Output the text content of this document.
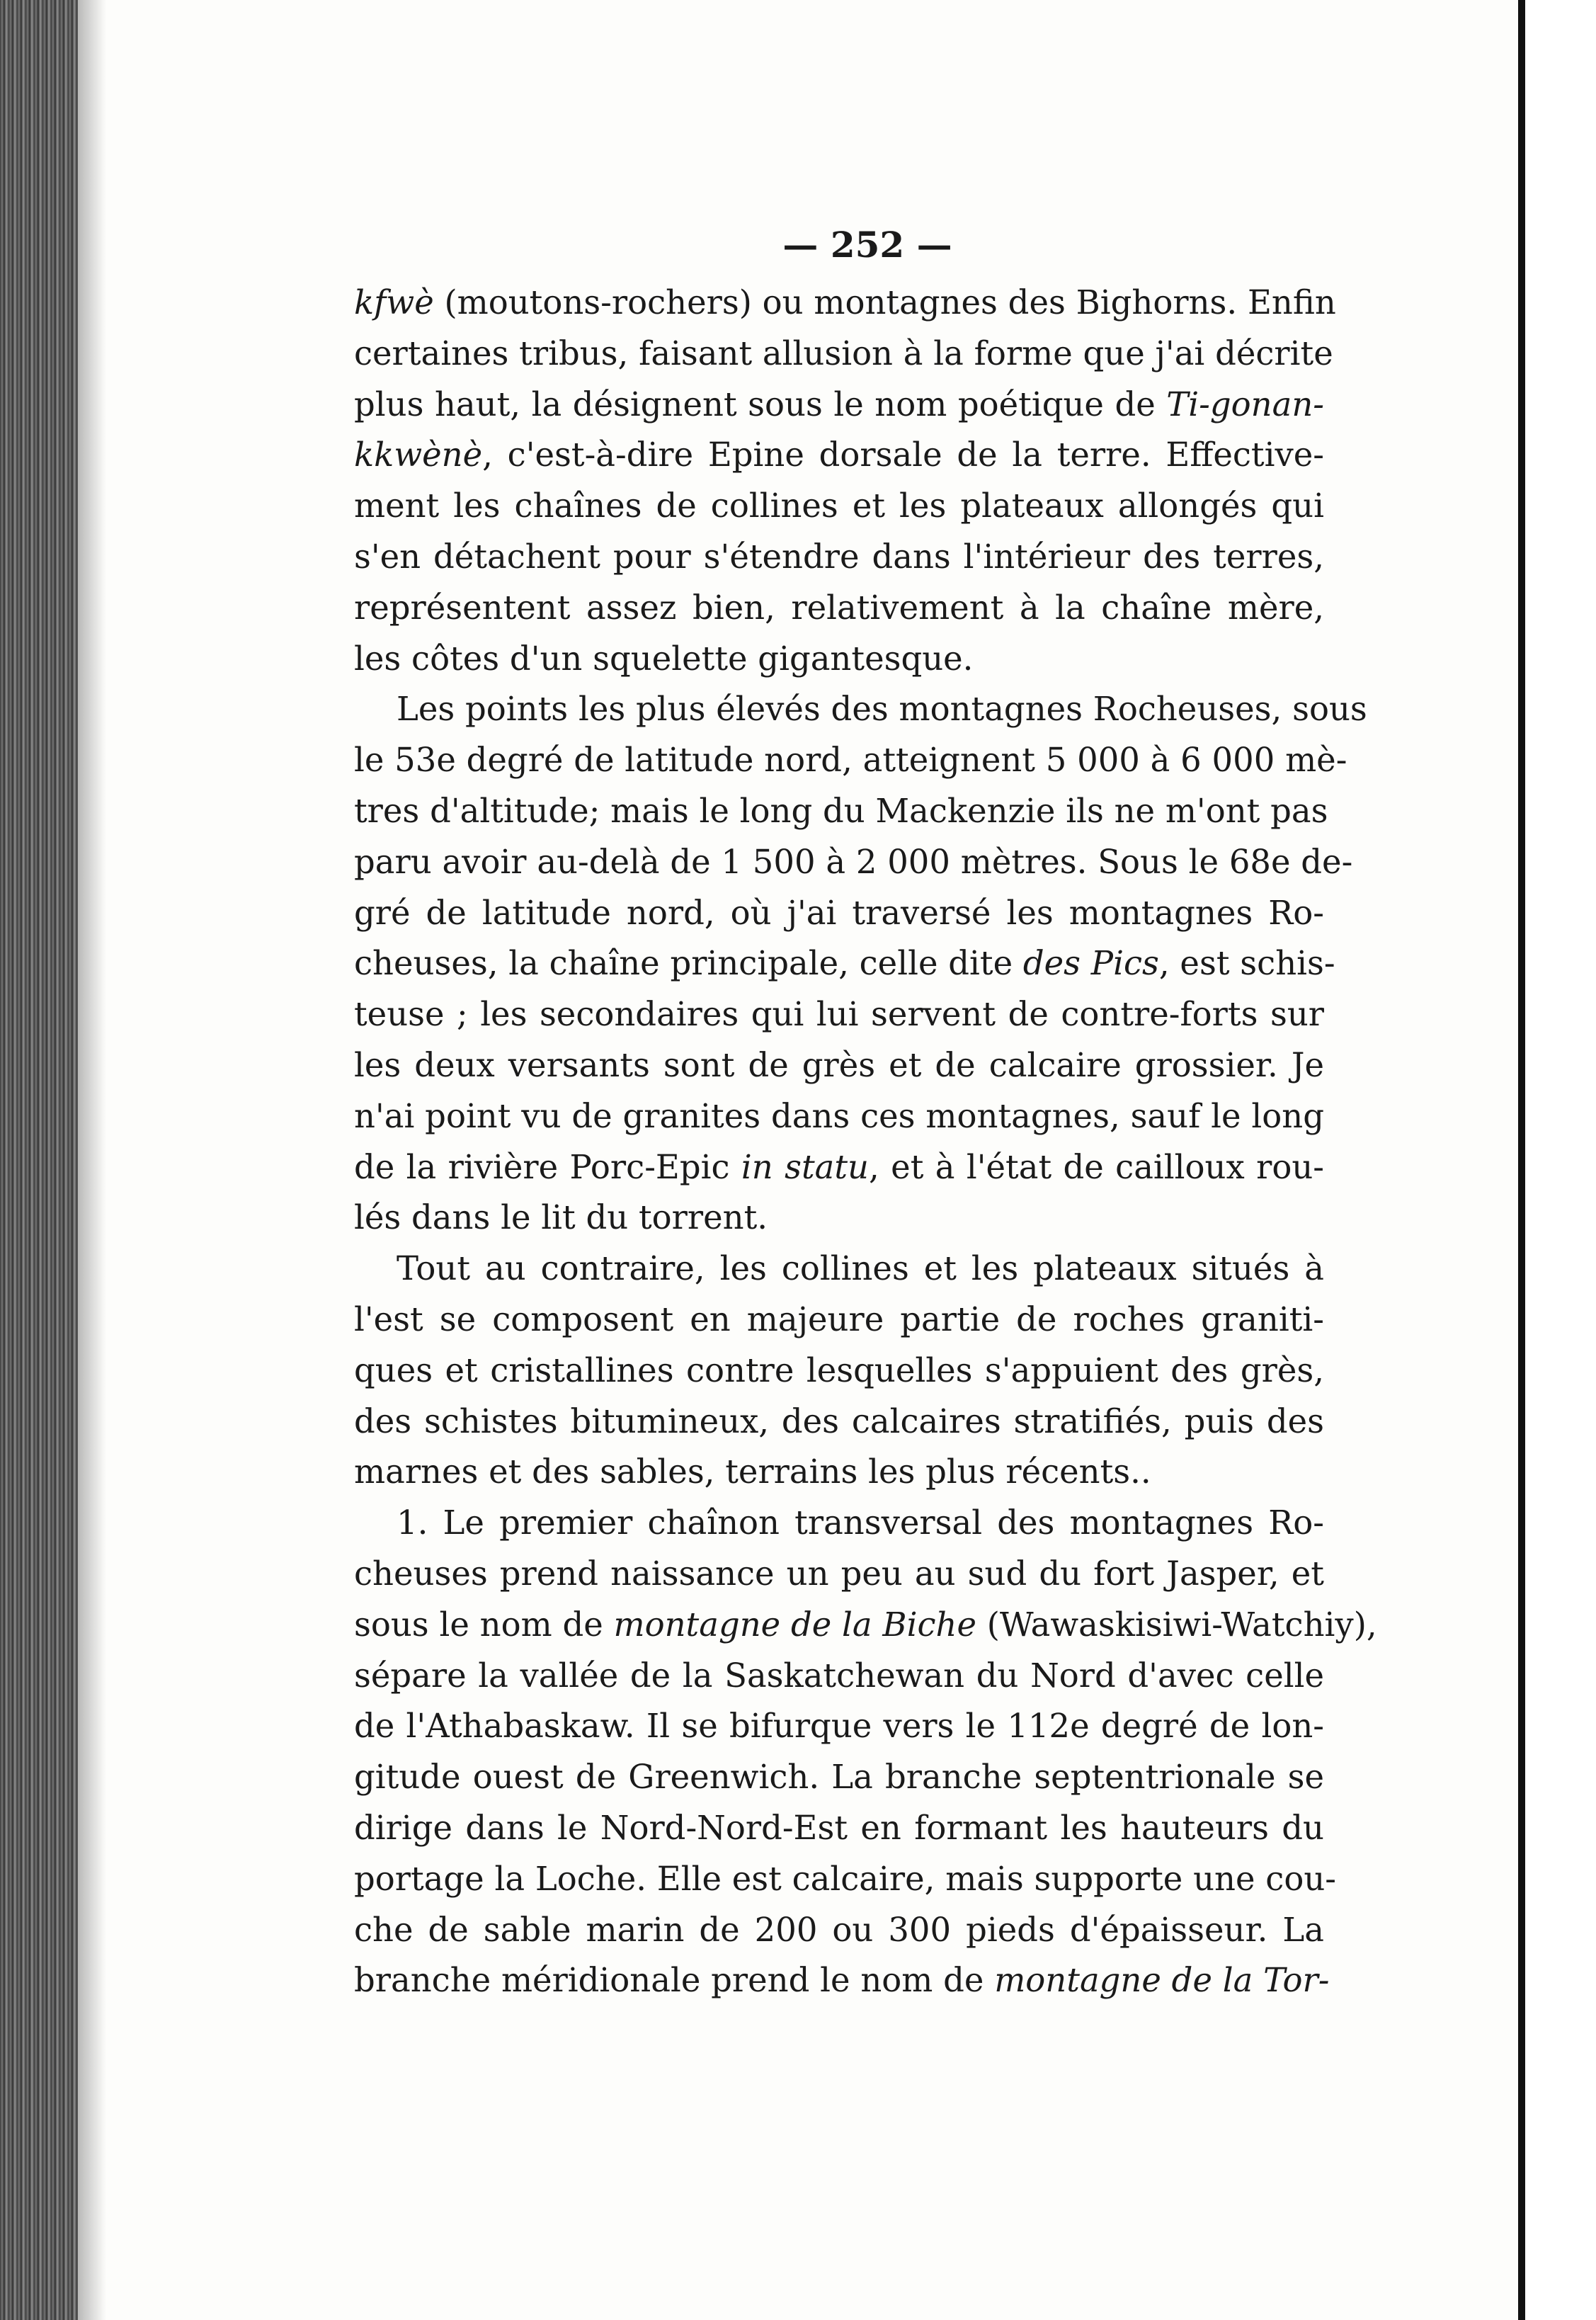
— 252 —
kfwè (moutons-rochers) ou montagnes des Bighorns. Enfin
certaines tribus, faisant allusion à la forme que j'ai décrite
plus haut, la désignent sous le nom poétique de Ti-gonan-
kkwènè, c'est-à-dire Epine dorsale de la terre. Effective-
ment les chaînes de collines et les plateaux allongés qui
s'en détachent pour s'étendre dans l'intérieur des terres,
représentent assez bien, relativement à la chaîne mère,
les côtes d'un squelette gigantesque.
Les points les plus élevés des montagnes Rocheuses, sous
le 53e degré de latitude nord, atteignent 5 000 à 6 000 mè-
tres d'altitude; mais le long du Mackenzie ils ne m'ont pas
paru avoir au-delà de 1 500 à 2 000 mètres. Sous le 68e de-
gré de latitude nord, où j'ai traversé les montagnes Ro-
cheuses, la chaîne principale, celle dite des Pics, est schis-
teuse ; les secondaires qui lui servent de contre-forts sur
les deux versants sont de grès et de calcaire grossier. Je
n'ai point vu de granites dans ces montagnes, sauf le long
de la rivière Porc-Epic in statu, et à l'état de cailloux rou-
lés dans le lit du torrent.
Tout au contraire, les collines et les plateaux situés à
l'est se composent en majeure partie de roches graniti-
ques et cristallines contre lesquelles s'appuient des grès,
des schistes bitumineux, des calcaires stratifiés, puis des
marnes et des sables, terrains les plus récents..
1. Le premier chaînon transversal des montagnes Ro-
cheuses prend naissance un peu au sud du fort Jasper, et
sous le nom de montagne de la Biche (Wawaskisiwi-Watchiy),
sépare la vallée de la Saskatchewan du Nord d'avec celle
de l'Athabaskaw. Il se bifurque vers le 112e degré de lon-
gitude ouest de Greenwich. La branche septentrionale se
dirige dans le Nord-Nord-Est en formant les hauteurs du
portage la Loche. Elle est calcaire, mais supporte une cou-
che de sable marin de 200 ou 300 pieds d'épaisseur. La
branche méridionale prend le nom de montagne de la Tor-
